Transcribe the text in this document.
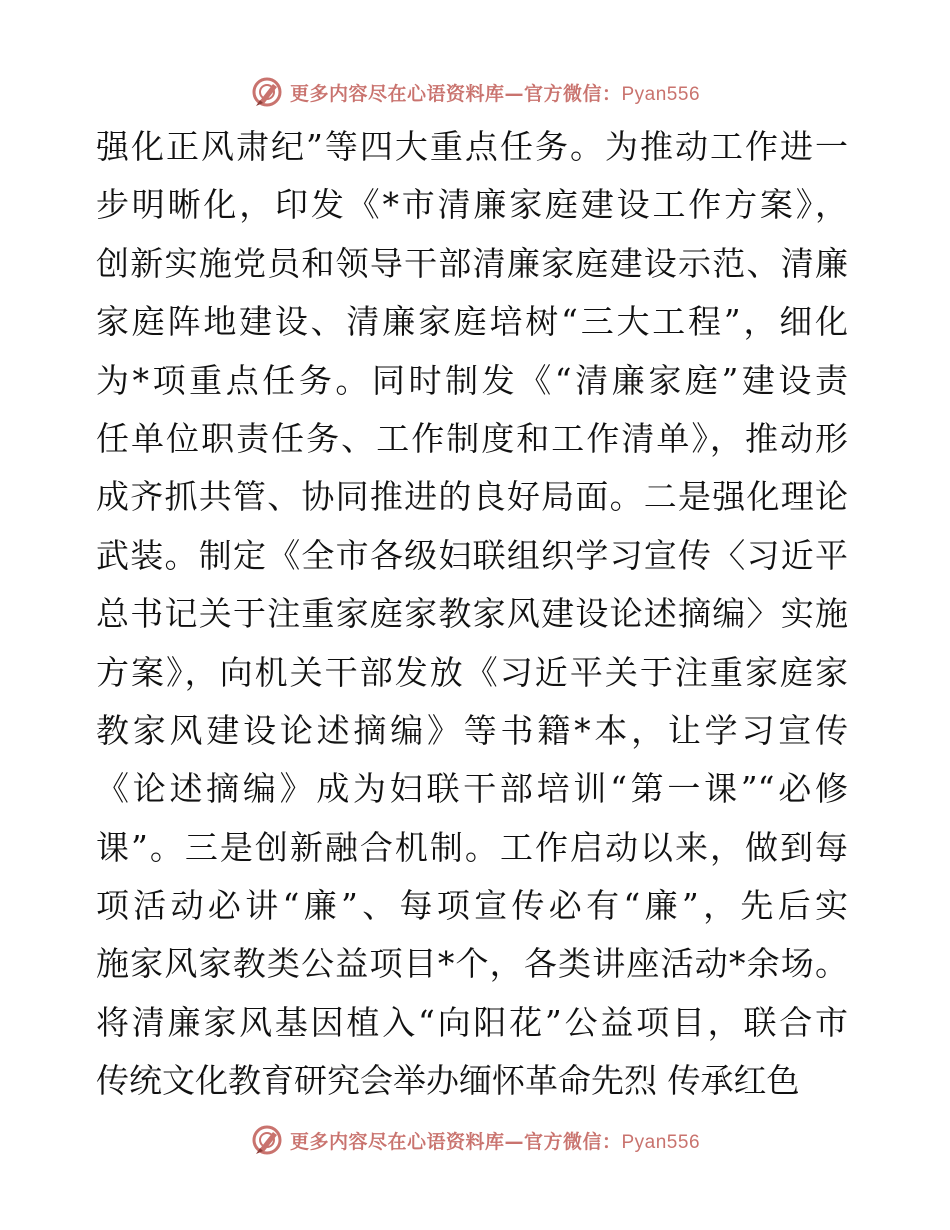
更多内容尽在心语资料库—官方微信：Pyan556
强化正风肃纪”等四大重点任务。为推动工作进一
步明晰化，印发《*市清廉家庭建设工作方案》，
创新实施党员和领导干部清廉家庭建设示范、清廉
家庭阵地建设、清廉家庭培树“三大工程”，细化
为*项重点任务。同时制发《“清廉家庭”建设责
任单位职责任务、工作制度和工作清单》，推动形
成齐抓共管、协同推进的良好局面。二是强化理论
武装。制定《全市各级妇联组织学习宣传〈习近平
总书记关于注重家庭家教家风建设论述摘编〉实施
方案》，向机关干部发放《习近平关于注重家庭家
教家风建设论述摘编》等书籍*本，让学习宣传
《论述摘编》成为妇联干部培训“第一课”“必修
课”。三是创新融合机制。工作启动以来，做到每
项活动必讲“廉”、每项宣传必有“廉”，先后实
施家风家教类公益项目*个，各类讲座活动*余场。
将清廉家风基因植入“向阳花”公益项目，联合市
传统文化教育研究会举办缅怀革命先烈 传承红色
更多内容尽在心语资料库—官方微信：Pyan556
